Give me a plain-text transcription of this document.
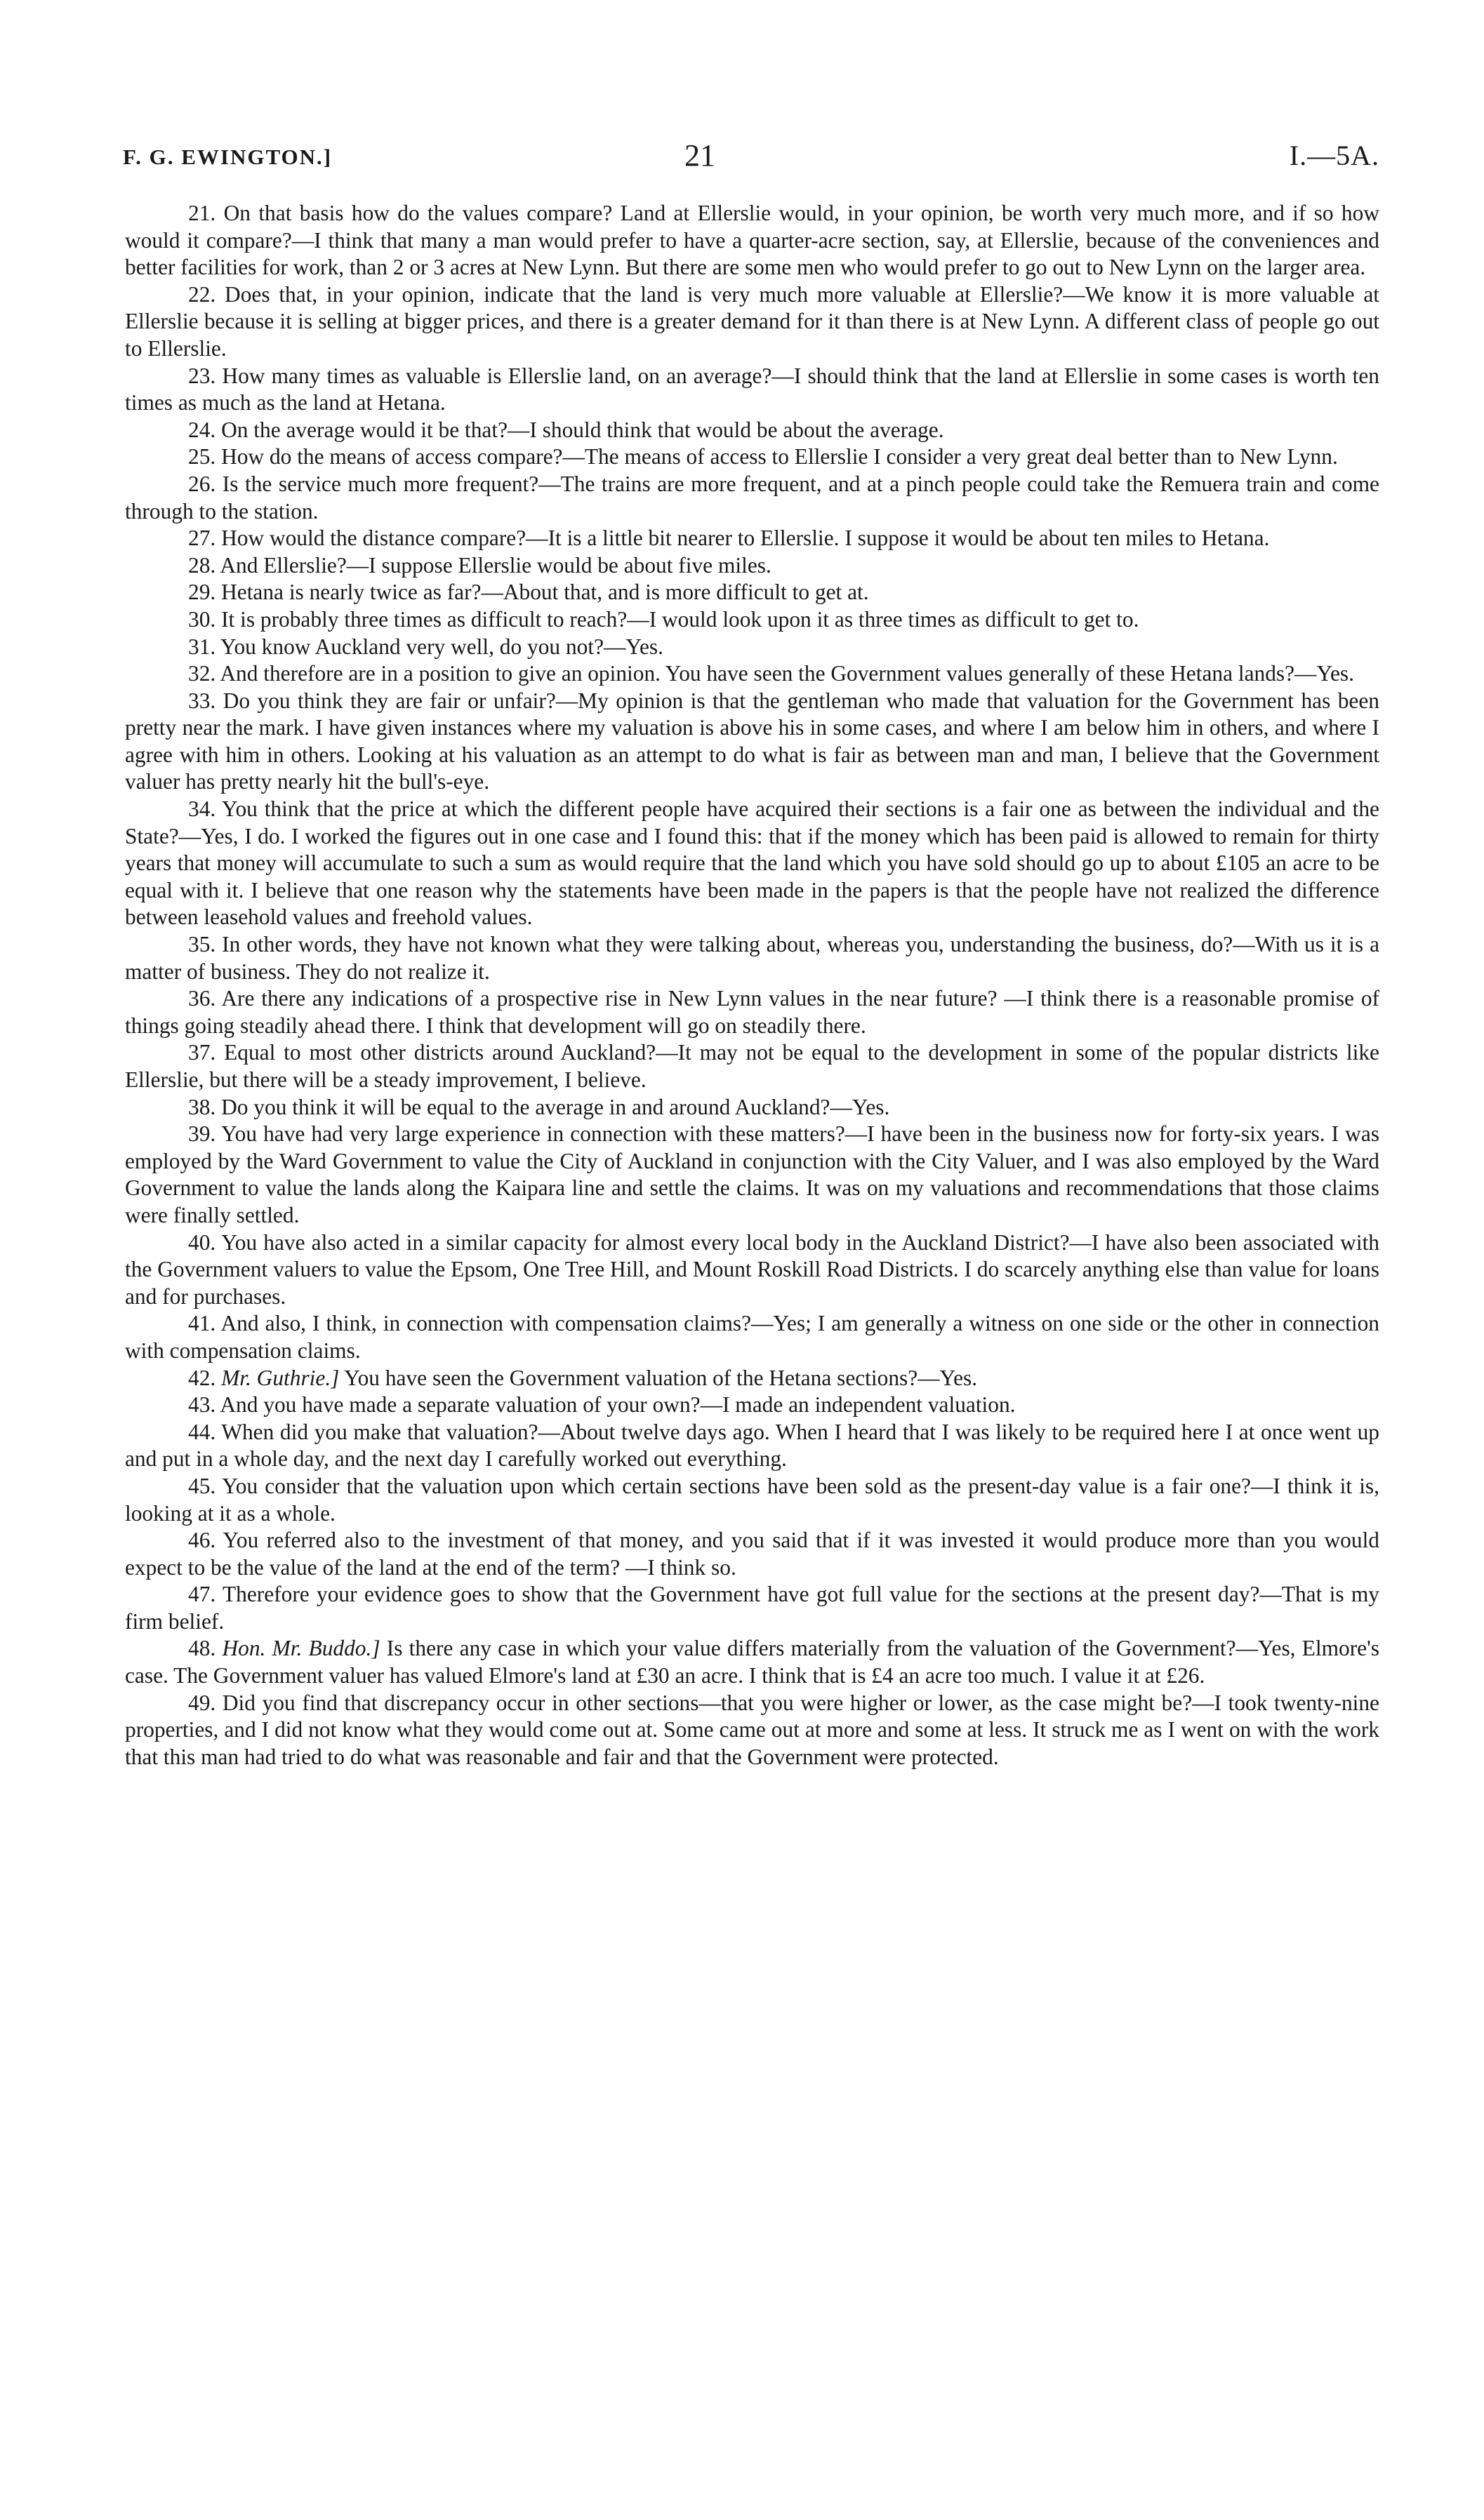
F. G. EWINGTON.]	21	I.—5A.

21. On that basis how do the values compare? Land at Ellerslie would, in your opinion, be worth very much more, and if so how would it compare?—I think that many a man would prefer to have a quarter-acre section, say, at Ellerslie, because of the conveniences and better facilities for work, than 2 or 3 acres at New Lynn. But there are some men who would prefer to go out to New Lynn on the larger area.

22. Does that, in your opinion, indicate that the land is very much more valuable at Ellerslie?—We know it is more valuable at Ellerslie because it is selling at bigger prices, and there is a greater demand for it than there is at New Lynn. A different class of people go out to Ellerslie.

23. How many times as valuable is Ellerslie land, on an average?—I should think that the land at Ellerslie in some cases is worth ten times as much as the land at Hetana.

24. On the average would it be that?—I should think that would be about the average.

25. How do the means of access compare?—The means of access to Ellerslie I consider a very great deal better than to New Lynn.

26. Is the service much more frequent?—The trains are more frequent, and at a pinch people could take the Remuera train and come through to the station.

27. How would the distance compare?—It is a little bit nearer to Ellerslie. I suppose it would be about ten miles to Hetana.

28. And Ellerslie?—I suppose Ellerslie would be about five miles.

29. Hetana is nearly twice as far?—About that, and is more difficult to get at.

30. It is probably three times as difficult to reach?—I would look upon it as three times as difficult to get to.

31. You know Auckland very well, do you not?—Yes.

32. And therefore are in a position to give an opinion. You have seen the Government values generally of these Hetana lands?—Yes.

33. Do you think they are fair or unfair?—My opinion is that the gentleman who made that valuation for the Government has been pretty near the mark. I have given instances where my valuation is above his in some cases, and where I am below him in others, and where I agree with him in others. Looking at his valuation as an attempt to do what is fair as between man and man, I believe that the Government valuer has pretty nearly hit the bull's-eye.

34. You think that the price at which the different people have acquired their sections is a fair one as between the individual and the State?—Yes, I do. I worked the figures out in one case and I found this: that if the money which has been paid is allowed to remain for thirty years that money will accumulate to such a sum as would require that the land which you have sold should go up to about £105 an acre to be equal with it. I believe that one reason why the statements have been made in the papers is that the people have not realized the difference between leasehold values and freehold values.

35. In other words, they have not known what they were talking about, whereas you, understanding the business, do?—With us it is a matter of business. They do not realize it.

36. Are there any indications of a prospective rise in New Lynn values in the near future? —I think there is a reasonable promise of things going steadily ahead there. I think that development will go on steadily there.

37. Equal to most other districts around Auckland?—It may not be equal to the development in some of the popular districts like Ellerslie, but there will be a steady improvement, I believe.

38. Do you think it will be equal to the average in and around Auckland?—Yes.

39. You have had very large experience in connection with these matters?—I have been in the business now for forty-six years. I was employed by the Ward Government to value the City of Auckland in conjunction with the City Valuer, and I was also employed by the Ward Government to value the lands along the Kaipara line and settle the claims. It was on my valuations and recommendations that those claims were finally settled.

40. You have also acted in a similar capacity for almost every local body in the Auckland District?—I have also been associated with the Government valuers to value the Epsom, One Tree Hill, and Mount Roskill Road Districts. I do scarcely anything else than value for loans and for purchases.

41. And also, I think, in connection with compensation claims?—Yes; I am generally a witness on one side or the other in connection with compensation claims.

42. Mr. Guthrie.] You have seen the Government valuation of the Hetana sections?—Yes.

43. And you have made a separate valuation of your own?—I made an independent valuation.

44. When did you make that valuation?—About twelve days ago. When I heard that I was likely to be required here I at once went up and put in a whole day, and the next day I carefully worked out everything.

45. You consider that the valuation upon which certain sections have been sold as the present-day value is a fair one?—I think it is, looking at it as a whole.

46. You referred also to the investment of that money, and you said that if it was invested it would produce more than you would expect to be the value of the land at the end of the term? —I think so.

47. Therefore your evidence goes to show that the Government have got full value for the sections at the present day?—That is my firm belief.

48. Hon. Mr. Buddo.] Is there any case in which your value differs materially from the valuation of the Government?—Yes, Elmore's case. The Government valuer has valued Elmore's land at £30 an acre. I think that is £4 an acre too much. I value it at £26.

49. Did you find that discrepancy occur in other sections—that you were higher or lower, as the case might be?—I took twenty-nine properties, and I did not know what they would come out at. Some came out at more and some at less. It struck me as I went on with the work that this man had tried to do what was reasonable and fair and that the Government were protected.
